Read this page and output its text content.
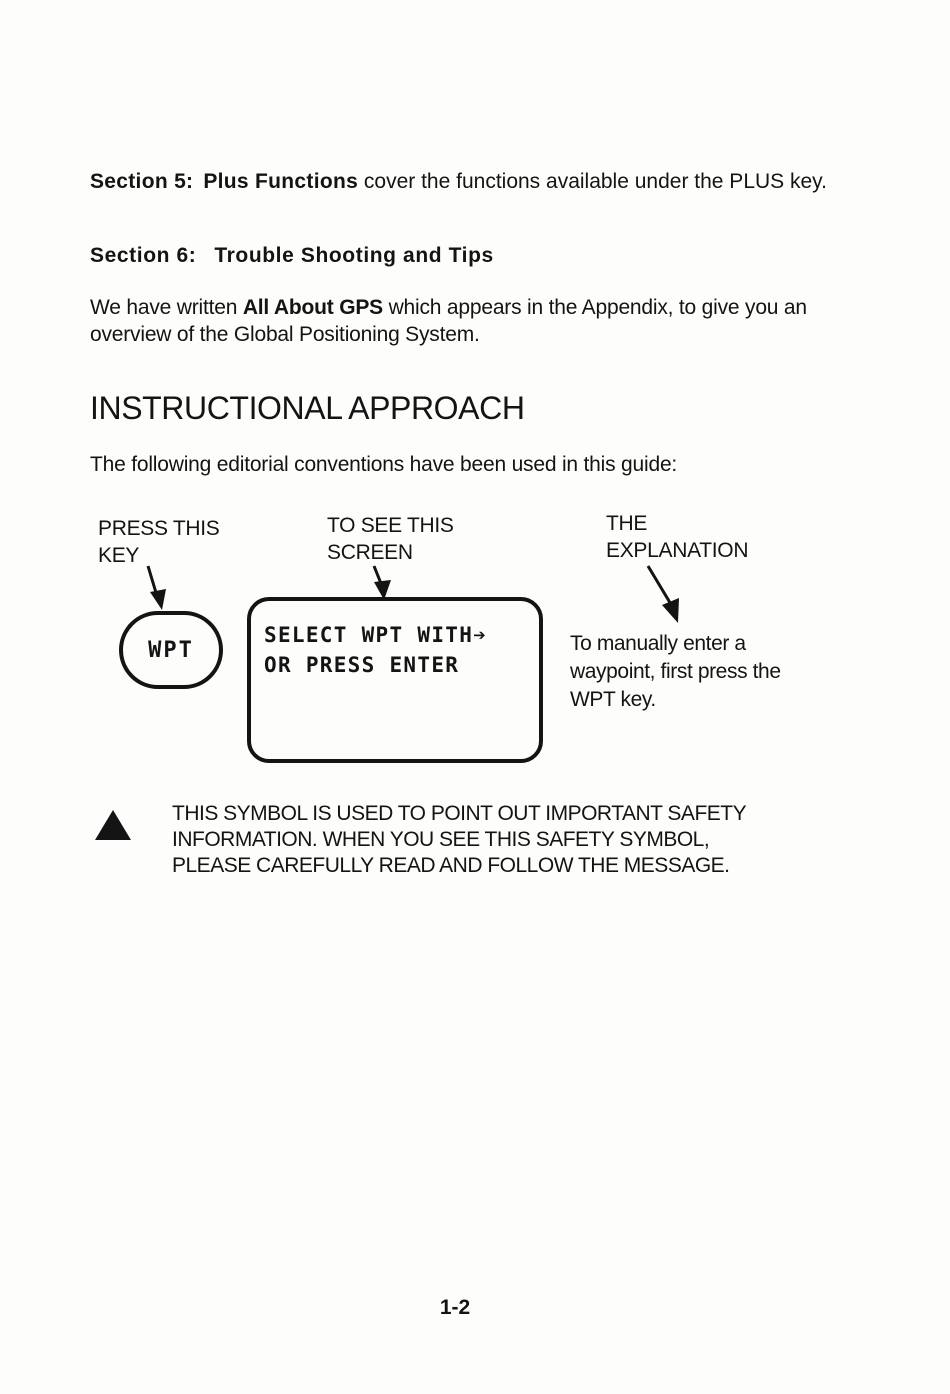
Section 5: Plus Functions cover the functions available under the PLUS key.
Section 6: Trouble Shooting and Tips
We have written All About GPS which appears in the Appendix, to give you an overview of the Global Positioning System.
INSTRUCTIONAL APPROACH
The following editorial conventions have been used in this guide:
PRESS THIS
KEY
TO SEE THIS
SCREEN
THE
EXPLANATION
WPT
SELECT WPT WITH➔
OR PRESS ENTER
To manually enter a waypoint, first press the WPT key.
THIS SYMBOL IS USED TO POINT OUT IMPORTANT SAFETY
INFORMATION. WHEN YOU SEE THIS SAFETY SYMBOL,
PLEASE CAREFULLY READ AND FOLLOW THE MESSAGE.
1-2
